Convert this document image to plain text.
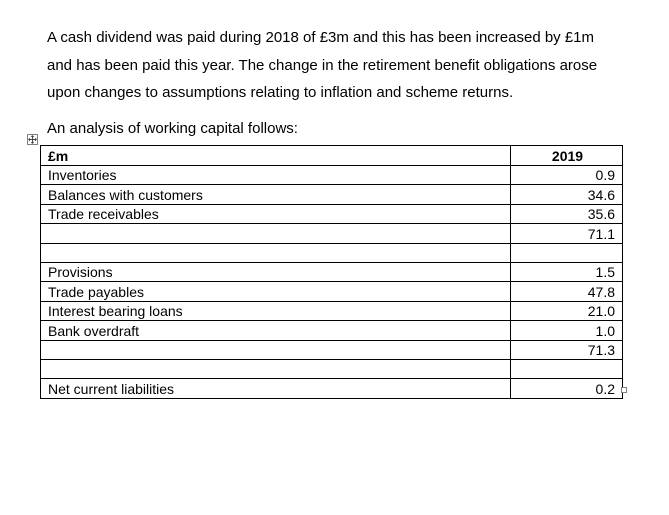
A cash dividend was paid during 2018 of £3m and this has been increased by £1m

and has been paid this year. The change in the retirement benefit obligations arose

upon changes to assumptions relating to inflation and scheme returns.

An analysis of working capital follows:
£m	2019
Inventories	0.9
Balances with customers	34.6
Trade receivables	35.6
	71.1

Provisions	1.5
Trade payables	47.8
Interest bearing loans	21.0
Bank overdraft	1.0
	71.3

Net current liabilities	0.2
